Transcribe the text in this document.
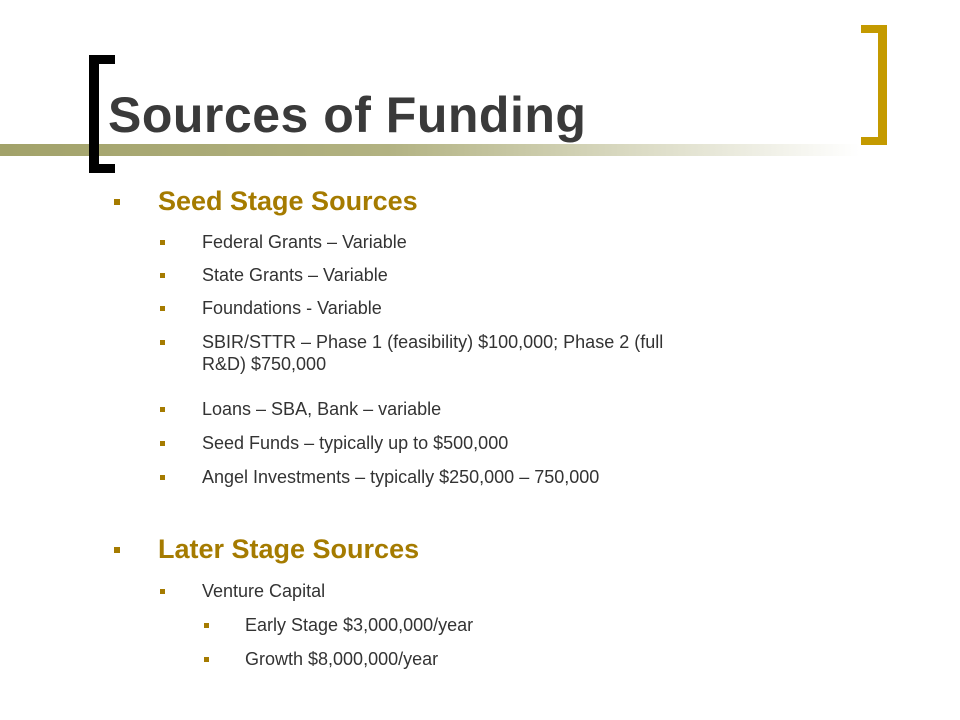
Sources of Funding
Seed Stage Sources
Federal Grants – Variable
State Grants – Variable
Foundations - Variable
SBIR/STTR – Phase 1 (feasibility) $100,000; Phase 2 (full R&D) $750,000
Loans – SBA, Bank – variable
Seed Funds – typically up to $500,000
Angel Investments – typically $250,000 – 750,000
Later Stage Sources
Venture Capital
Early Stage $3,000,000/year
Growth $8,000,000/year
